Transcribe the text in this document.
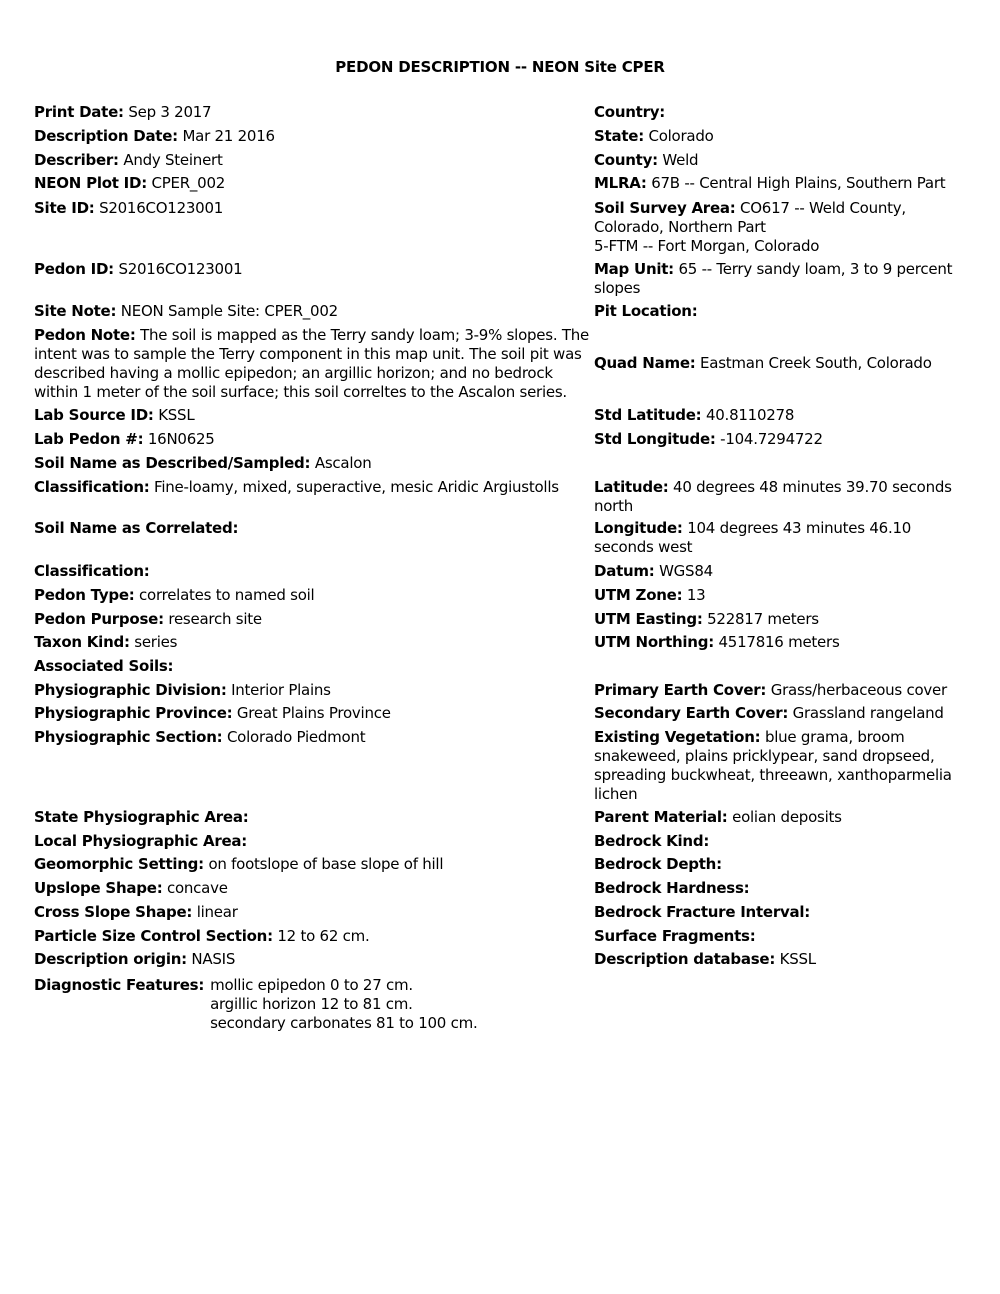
PEDON DESCRIPTION -- NEON Site CPER
Print Date: Sep 3 2017
Description Date: Mar 21 2016
Describer: Andy Steinert
NEON Plot ID: CPER_002
Site ID: S2016CO123001
Pedon ID: S2016CO123001
Site Note: NEON Sample Site: CPER_002
Pedon Note: The soil is mapped as the Terry sandy loam; 3-9% slopes. The intent was to sample the Terry component in this map unit. The soil pit was described having a mollic epipedon; an argillic horizon; and no bedrock within 1 meter of the soil surface; this soil correltes to the Ascalon series.
Lab Source ID: KSSL
Lab Pedon #: 16N0625
Soil Name as Described/Sampled: Ascalon
Classification: Fine-loamy, mixed, superactive, mesic Aridic Argiustolls
Soil Name as Correlated:
Classification:
Pedon Type: correlates to named soil
Pedon Purpose: research site
Taxon Kind: series
Associated Soils:
Physiographic Division: Interior Plains
Physiographic Province: Great Plains Province
Physiographic Section: Colorado Piedmont
State Physiographic Area:
Local Physiographic Area:
Geomorphic Setting: on footslope of base slope of hill
Upslope Shape: concave
Cross Slope Shape: linear
Particle Size Control Section: 12 to 62 cm.
Description origin: NASIS
Diagnostic Features: mollic epipedon 0 to 27 cm.
argillic horizon 12 to 81 cm.
secondary carbonates 81 to 100 cm.
Country:
State: Colorado
County: Weld
MLRA: 67B -- Central High Plains, Southern Part
Soil Survey Area: CO617 -- Weld County, Colorado, Northern Part
5-FTM -- Fort Morgan, Colorado
Map Unit: 65 -- Terry sandy loam, 3 to 9 percent slopes
Pit Location:
Quad Name: Eastman Creek South, Colorado
Std Latitude: 40.8110278
Std Longitude: -104.7294722
Latitude: 40 degrees 48 minutes 39.70 seconds north
Longitude: 104 degrees 43 minutes 46.10 seconds west
Datum: WGS84
UTM Zone: 13
UTM Easting: 522817 meters
UTM Northing: 4517816 meters
Primary Earth Cover: Grass/herbaceous cover
Secondary Earth Cover: Grassland rangeland
Existing Vegetation: blue grama, broom snakeweed, plains pricklypear, sand dropseed, spreading buckwheat, threeawn, xanthoparmelia lichen
Parent Material: eolian deposits
Bedrock Kind:
Bedrock Depth:
Bedrock Hardness:
Bedrock Fracture Interval:
Surface Fragments:
Description database: KSSL
